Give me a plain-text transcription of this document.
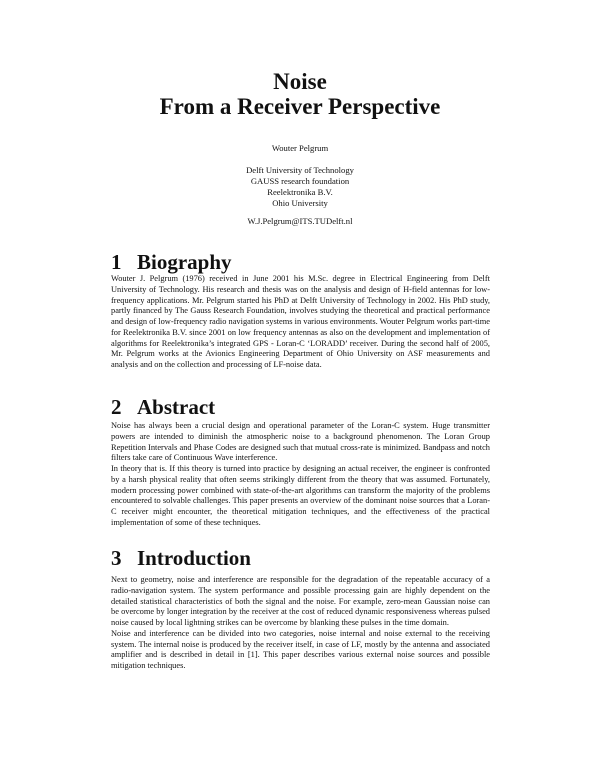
Noise
From a Receiver Perspective
Wouter Pelgrum
Delft University of Technology
GAUSS research foundation
Reelektronika B.V.
Ohio University
W.J.Pelgrum@ITS.TUDelft.nl
1 Biography

Wouter J. Pelgrum (1976) received in June 2001 his M.Sc. degree in Electrical Engineering from Delft University of Technology. His research and thesis was on the analysis and design of H-field antennas for low-frequency applications. Mr. Pelgrum started his PhD at Delft University of Technology in 2002. His PhD study, partly financed by The Gauss Research Foundation, involves studying the theoretical and practical performance and design of low-frequency radio navigation systems in various environments. Wouter Pelgrum works part-time for Reelektronika B.V. since 2001 on low frequency antennas as also on the development and implementation of algorithms for Reelektronika’s integrated GPS - Loran-C ‘LORADD’ receiver. During the second half of 2005, Mr. Pelgrum works at the Avionics Engineering Department of Ohio University on ASF measurements and analysis and on the collection and processing of LF-noise data.

2 Abstract

Noise has always been a crucial design and operational parameter of the Loran-C system. Huge transmitter powers are intended to diminish the atmospheric noise to a background phenomenon. The Loran Group Repetition Intervals and Phase Codes are designed such that mutual cross-rate is minimized. Bandpass and notch filters take care of Continuous Wave interference.

In theory that is. If this theory is turned into practice by designing an actual receiver, the engineer is confronted by a harsh physical reality that often seems strikingly different from the theory that was assumed. Fortunately, modern processing power combined with state-of-the-art algorithms can transform the majority of the problems encountered to solvable challenges. This paper presents an overview of the dominant noise sources that a Loran-C receiver might encounter, the theoretical mitigation techniques, and the effectiveness of the practical implementation of some of these techniques.

3 Introduction

Next to geometry, noise and interference are responsible for the degradation of the repeatable accuracy of a radio-navigation system. The system performance and possible processing gain are highly dependent on the detailed statistical characteristics of both the signal and the noise. For example, zero-mean Gaussian noise can be overcome by longer integration by the receiver at the cost of reduced dynamic responsiveness whereas pulsed noise caused by local lightning strikes can be overcome by blanking these pulses in the time domain.

Noise and interference can be divided into two categories, noise internal and noise external to the receiving system. The internal noise is produced by the receiver itself, in case of LF, mostly by the antenna and associated amplifier and is described in detail in [1]. This paper describes various external noise sources and possible mitigation techniques.
